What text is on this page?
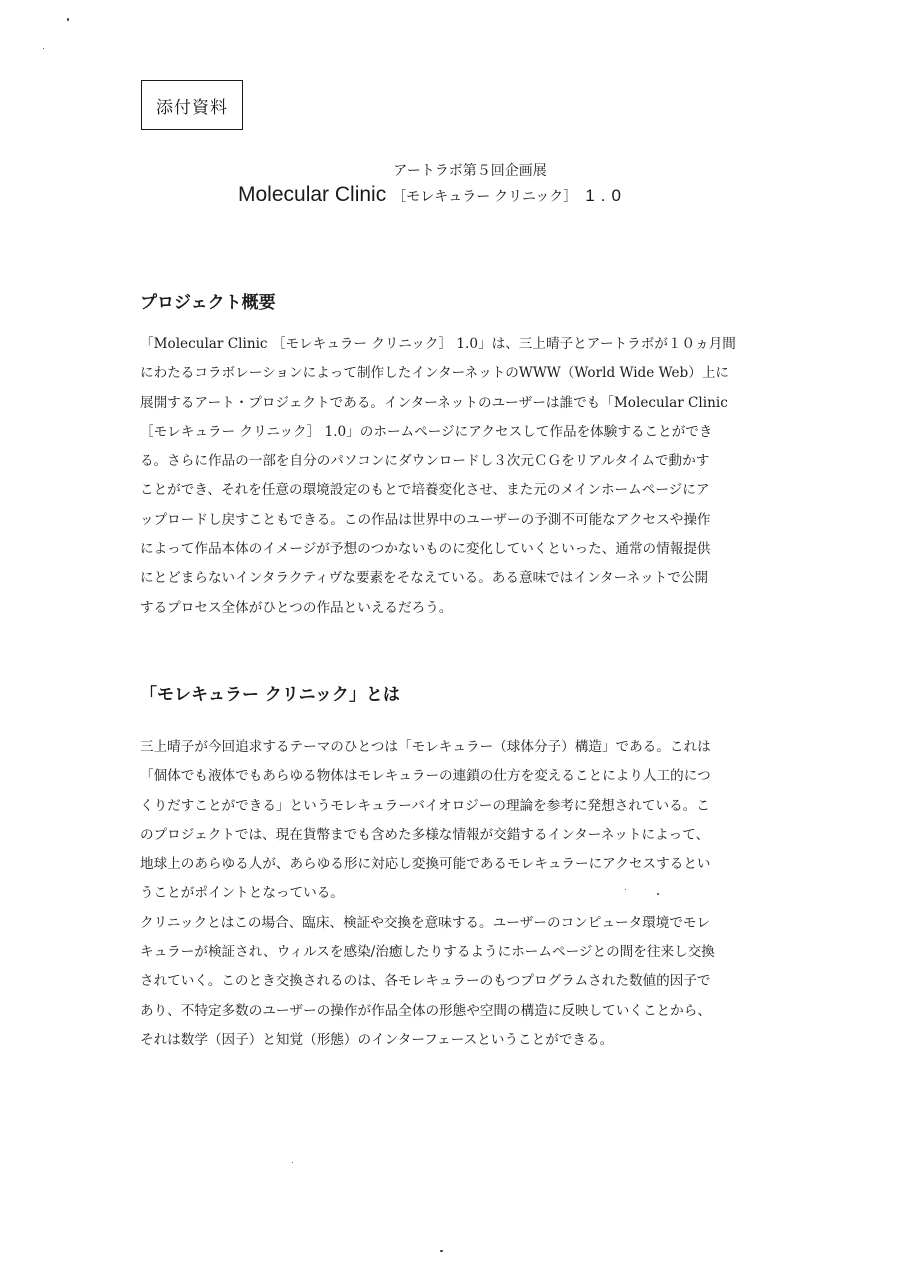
添付資料
アートラボ第５回企画展
Molecular Clinic ［モレキュラー クリニック］ 1.0
プロジェクト概要
「Molecular Clinic ［モレキュラー クリニック］ 1.0」は、三上晴子とアートラボが１０ヵ月間
にわたるコラボレーションによって制作したインターネットのWWW（World Wide Web）上に
展開するアート・プロジェクトである。インターネットのユーザーは誰でも「Molecular Clinic
［モレキュラー クリニック］ 1.0」のホームページにアクセスして作品を体験することができ
る。さらに作品の一部を自分のパソコンにダウンロードし３次元ＣＧをリアルタイムで動かす
ことができ、それを任意の環境設定のもとで培養変化させ、また元のメインホームページにア
ップロードし戻すこともできる。この作品は世界中のユーザーの予測不可能なアクセスや操作
によって作品本体のイメージが予想のつかないものに変化していくといった、通常の情報提供
にとどまらないインタラクティヴな要素をそなえている。ある意味ではインターネットで公開
するプロセス全体がひとつの作品といえるだろう。
「モレキュラー クリニック」とは
三上晴子が今回追求するテーマのひとつは「モレキュラー（球体分子）構造」である。これは
「個体でも液体でもあらゆる物体はモレキュラーの連鎖の仕方を変えることにより人工的につ
くりだすことができる」というモレキュラーバイオロジーの理論を参考に発想されている。こ
のプロジェクトでは、現在貨幣までも含めた多様な情報が交錯するインターネットによって、
地球上のあらゆる人が、あらゆる形に対応し変換可能であるモレキュラーにアクセスするとい
うことがポイントとなっている。
クリニックとはこの場合、臨床、検証や交換を意味する。ユーザーのコンピュータ環境でモレ
キュラーが検証され、ウィルスを感染/治癒したりするようにホームページとの間を往来し交換
されていく。このとき交換されるのは、各モレキュラーのもつプログラムされた数値的因子で
あり、不特定多数のユーザーの操作が作品全体の形態や空間の構造に反映していくことから、
それは数学（因子）と知覚（形態）のインターフェースということができる。
